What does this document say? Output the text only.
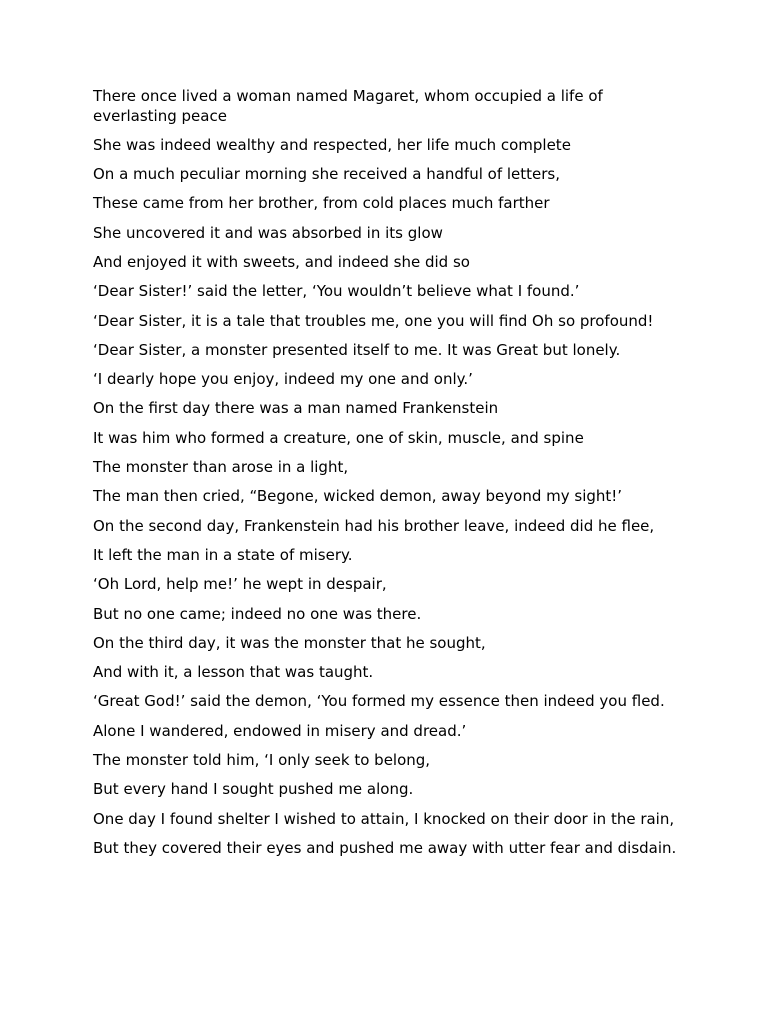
There once lived a woman named Magaret, whom occupied a life of everlasting peace

She was indeed wealthy and respected, her life much complete

On a much peculiar morning she received a handful of letters,

These came from her brother, from cold places much farther

She uncovered it and was absorbed in its glow

And enjoyed it with sweets, and indeed she did so

‘Dear Sister!’ said the letter, ‘You wouldn’t believe what I found.’

‘Dear Sister, it is a tale that troubles me, one you will find Oh so profound!

‘Dear Sister, a monster presented itself to me. It was Great but lonely.

‘I dearly hope you enjoy, indeed my one and only.’

On the first day there was a man named Frankenstein

It was him who formed a creature, one of skin, muscle, and spine

The monster than arose in a light,

The man then cried, “Begone, wicked demon, away beyond my sight!’

On the second day, Frankenstein had his brother leave, indeed did he flee,

It left the man in a state of misery.

‘Oh Lord, help me!’ he wept in despair,

But no one came; indeed no one was there.

On the third day, it was the monster that he sought,

And with it, a lesson that was taught.

‘Great God!’ said the demon, ‘You formed my essence then indeed you fled.

Alone I wandered, endowed in misery and dread.’

The monster told him, ‘I only seek to belong,

But every hand I sought pushed me along.

One day I found shelter I wished to attain, I knocked on their door in the rain,

But they covered their eyes and pushed me away with utter fear and disdain.
